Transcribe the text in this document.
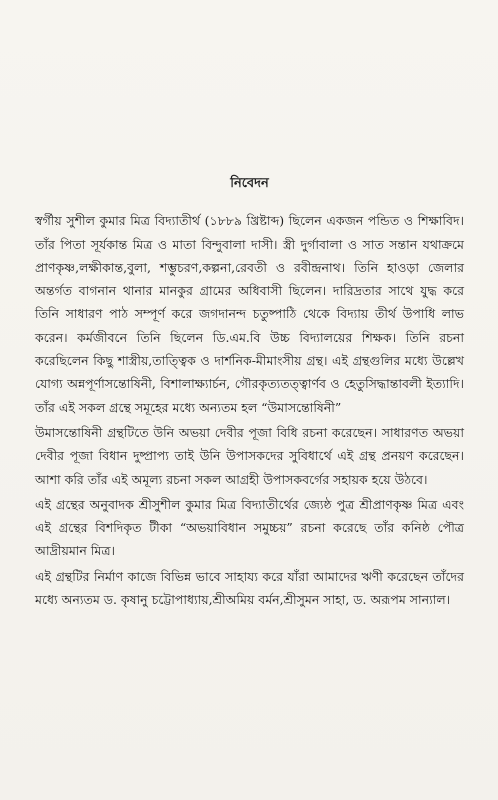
নিবেদন

স্বর্গীয় সুশীল কুমার মিত্র বিদ্যাতীর্থ (১৮৮৯ খ্রিষ্টাব্দ) ছিলেন একজন পন্ডিত ও শিক্ষাবিদ। তাঁর পিতা সূর্যকান্ত মিত্র ও মাতা বিন্দুবালা দাসী। স্ত্রী দুর্গাবালা ও সাত সন্তান যথাক্রমে প্রাণকৃষ্ণ,লক্ষীকান্ত,বুলা, শম্ভুচরণ,কল্পনা,রেবতী ও রবীন্দ্রনাথ। তিনি হাওড়া জেলার অন্তর্গত বাগনান থানার মানকুর গ্রামের অধিবাসী ছিলেন। দারিদ্রতার সাথে যুদ্ধ করে তিনি সাধারণ পাঠ সম্পূর্ণ করে জগদানন্দ চতুষ্পাঠি থেকে বিদ্যায় তীর্থ উপাধি লাভ করেন। কর্মজীবনে তিনি ছিলেন ডি.এম.বি উচ্চ বিদ্যালয়ের শিক্ষক। তিনি রচনা করেছিলেন কিছু শাস্ত্রীয়,তাত্ত্বিক ও দার্শনিক-মীমাংসীয় গ্রন্থ। এই গ্রন্থগুলির মধ্যে উল্লেখ যোগ্য অন্নপূর্ণাসন্তোষিনী, বিশালাক্ষ্যার্চন, গৌরকৃত্যতত্ত্বার্ণব ও হেতুসিদ্ধান্তাবলী ইত্যাদি। তাঁর এই সকল গ্রন্থে সমূহের মধ্যে অন্যতম হল “উমাসন্তোষিনী”

উমাসন্তোষিনী গ্রন্থটিতে উনি অভয়া দেবীর পূজা বিধি রচনা করেছেন। সাধারণত অভয়া দেবীর পূজা বিধান দুষ্প্রাপ্য তাই উনি উপাসকদের সুবিধার্থে এই গ্রন্থ প্রনয়ণ করেছেন। আশা করি তাঁর এই অমূল্য রচনা সকল আগ্রহী উপাসকবর্গের সহায়ক হয়ে উঠবে।

এই গ্রন্থের অনুবাদক শ্রীসুশীল কুমার মিত্র বিদ্যাতীর্থের জ্যেষ্ঠ পুত্র শ্রীপ্রাণকৃষ্ণ মিত্র এবং এই গ্রন্থের বিশদিকৃত টীকা “অভয়াবিধান সমুচ্চয়” রচনা করেছে তাঁর কনিষ্ঠ পৌত্র আদ্রীয়মান মিত্র।

এই গ্রন্থটির নির্মাণ কাজে বিভিন্ন ভাবে সাহায্য করে যাঁরা আমাদের ঋণী করেছেন তাঁদের মধ্যে অন্যতম ড. কৃষানু চট্টোপাধ্যায়,শ্রীঅমিয় বর্মন,শ্রীসুমন সাহা, ড. অরূপম সান্যাল।
